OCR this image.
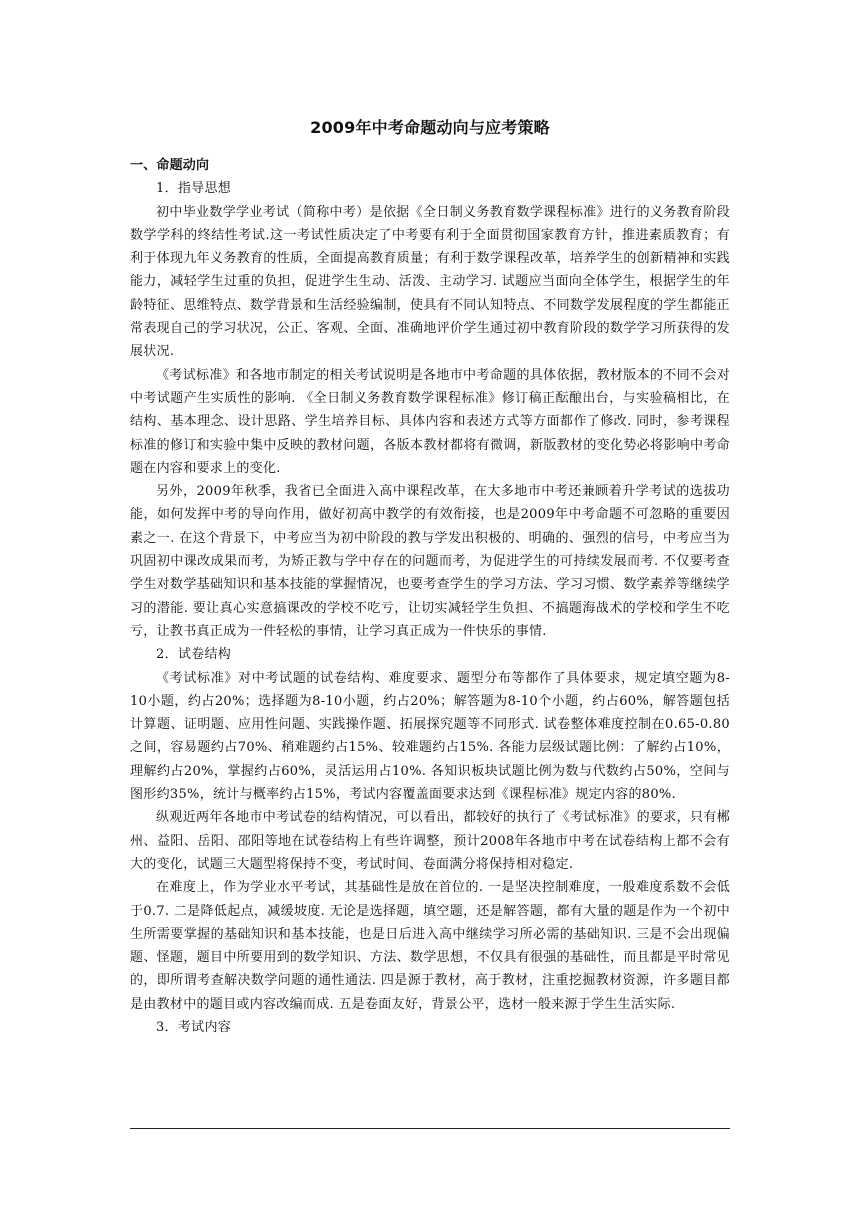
2009年中考命题动向与应考策略

一、命题动向

1．指导思想

初中毕业数学学业考试（简称中考）是依据《全日制义务教育数学课程标准》进行的义务教育阶段数学学科的终结性考试.这一考试性质决定了中考要有利于全面贯彻国家教育方针，推进素质教育；有利于体现九年义务教育的性质，全面提高教育质量；有利于数学课程改革，培养学生的创新精神和实践能力，减轻学生过重的负担，促进学生生动、活泼、主动学习. 试题应当面向全体学生，根据学生的年龄特征、思维特点、数学背景和生活经验编制，使具有不同认知特点、不同数学发展程度的学生都能正常表现自己的学习状况，公正、客观、全面、准确地评价学生通过初中教育阶段的数学学习所获得的发展状况.

《考试标准》和各地市制定的相关考试说明是各地市中考命题的具体依据，教材版本的不同不会对中考试题产生实质性的影响. 《全日制义务教育数学课程标准》修订稿正酝酿出台，与实验稿相比，在结构、基本理念、设计思路、学生培养目标、具体内容和表述方式等方面都作了修改. 同时，参考课程标准的修订和实验中集中反映的教材问题，各版本教材都将有微调，新版教材的变化势必将影响中考命题在内容和要求上的变化.

另外，2009年秋季，我省已全面进入高中课程改革，在大多地市中考还兼顾着升学考试的选拔功能，如何发挥中考的导向作用，做好初高中教学的有效衔接，也是2009年中考命题不可忽略的重要因素之一. 在这个背景下，中考应当为初中阶段的教与学发出积极的、明确的、强烈的信号，中考应当为巩固初中课改成果而考，为矫正教与学中存在的问题而考，为促进学生的可持续发展而考. 不仅要考查学生对数学基础知识和基本技能的掌握情况，也要考查学生的学习方法、学习习惯、数学素养等继续学习的潜能. 要让真心实意搞课改的学校不吃亏，让切实减轻学生负担、不搞题海战术的学校和学生不吃亏，让教书真正成为一件轻松的事情，让学习真正成为一件快乐的事情.

2．试卷结构

《考试标准》对中考试题的试卷结构、难度要求、题型分布等都作了具体要求，规定填空题为8-10小题，约占20%；选择题为8-10小题，约占20%；解答题为8-10个小题，约占60%，解答题包括计算题、证明题、应用性问题、实践操作题、拓展探究题等不同形式. 试卷整体难度控制在0.65-0.80之间，容易题约占70%、稍难题约占15%、较难题约占15%. 各能力层级试题比例：了解约占10%，理解约占20%，掌握约占60%，灵活运用占10%. 各知识板块试题比例为数与代数约占50%，空间与图形约35%，统计与概率约占15%，考试内容覆盖面要求达到《课程标准》规定内容的80%.

纵观近两年各地市中考试卷的结构情况，可以看出，都较好的执行了《考试标准》的要求，只有郴州、益阳、岳阳、邵阳等地在试卷结构上有些许调整，预计2008年各地市中考在试卷结构上都不会有大的变化，试题三大题型将保持不变，考试时间、卷面满分将保持相对稳定.

在难度上，作为学业水平考试，其基础性是放在首位的. 一是坚决控制难度，一般难度系数不会低于0.7. 二是降低起点，减缓坡度. 无论是选择题，填空题，还是解答题，都有大量的题是作为一个初中生所需要掌握的基础知识和基本技能，也是日后进入高中继续学习所必需的基础知识. 三是不会出现偏题、怪题，题目中所要用到的数学知识、方法、数学思想，不仅具有很强的基础性，而且都是平时常见的，即所谓考查解决数学问题的通性通法. 四是源于教材，高于教材，注重挖掘教材资源，许多题目都是由教材中的题目或内容改编而成. 五是卷面友好，背景公平，选材一般来源于学生生活实际.

3．考试内容
